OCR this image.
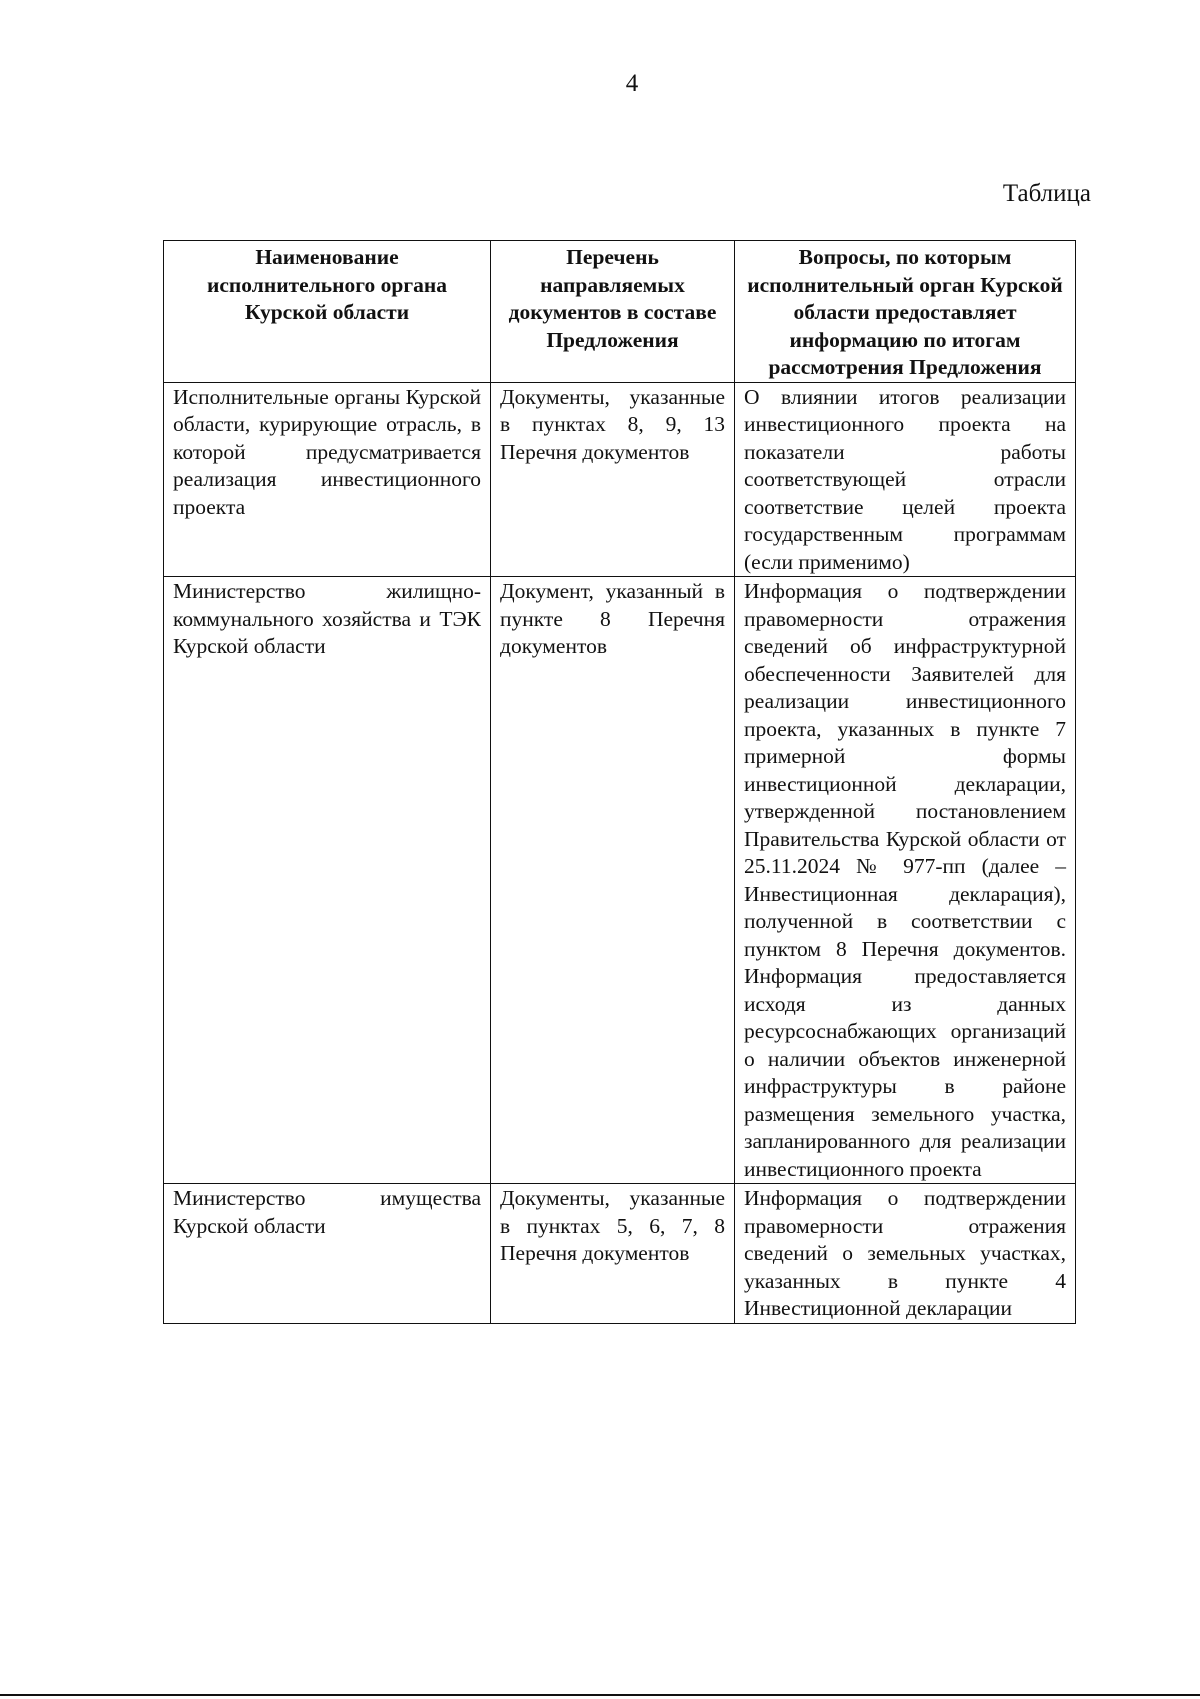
4
Таблица
Наименование исполнительного органа Курской области	Перечень направляемых документов в составе Предложения	Вопросы, по которым исполнительный орган Курской области предоставляет информацию по итогам рассмотрения Предложения
Исполнительные органы Курской области, курирующие отрасль, в которой предусматривается реализация инвестиционного проекта	Документы, указанные в пунктах 8, 9, 13 Перечня документов	О влиянии итогов реализации инвестиционного проекта на показатели работы соответствующей отрасли соответствие целей проекта государственным программам (если применимо)
Министерство жилищно-коммунального хозяйства и ТЭК Курской области	Документ, указанный в пункте 8 Перечня документов	Информация о подтверждении правомерности отражения сведений об инфраструктурной обеспеченности Заявителей для реализации инвестиционного проекта, указанных в пункте 7 примерной формы инвестиционной декларации, утвержденной постановлением Правительства Курской области от 25.11.2024 № 977-пп (далее – Инвестиционная декларация), полученной в соответствии с пунктом 8 Перечня документов. Информация предоставляется исходя из данных ресурсоснабжающих организаций о наличии объектов инженерной инфраструктуры в районе размещения земельного участка, запланированного для реализации инвестиционного проекта
Министерство имущества Курской области	Документы, указанные в пунктах 5, 6, 7, 8 Перечня документов	Информация о подтверждении правомерности отражения сведений о земельных участках, указанных в пункте 4 Инвестиционной декларации
